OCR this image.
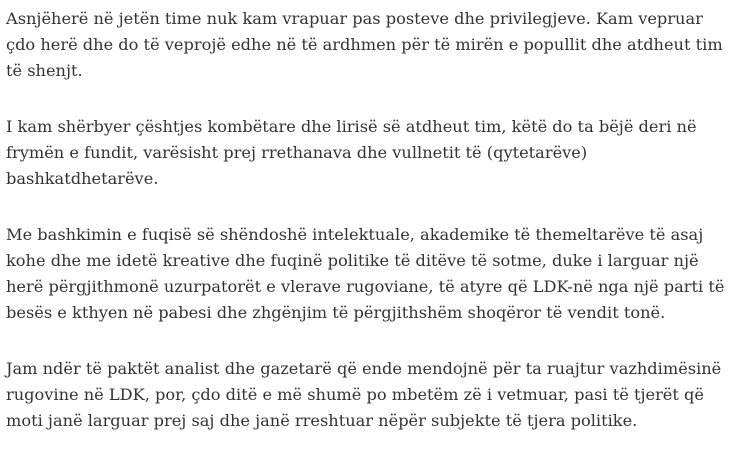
Asnjëherë në jetën time nuk kam vrapuar pas posteve dhe privilegjeve. Kam vepruar
çdo herë dhe do të veprojë edhe në të ardhmen për të mirën e popullit dhe atdheut tim
të shenjt.

I kam shërbyer çështjes kombëtare dhe lirisë së atdheut tim, këtë do ta bëjë deri në
frymën e fundit, varësisht prej rrethanava dhe vullnetit të (qytetarëve)
bashkatdhetarëve.

Me bashkimin e fuqisë së shëndoshë intelektuale, akademike të themeltarëve të asaj
kohe dhe me idetë kreative dhe fuqinë politike të ditëve të sotme, duke i larguar një
herë përgjithmonë uzurpatorët e vlerave rugoviane, të atyre që LDK-në nga një parti të
besës e kthyen në pabesi dhe zhgënjim të përgjithshëm shoqëror të vendit tonë.

Jam ndër të paktët analist dhe gazetarë që ende mendojnë për ta ruajtur vazhdimësinë
rugovine në LDK, por, çdo ditë e më shumë po mbetëm zë i vetmuar, pasi të tjerët që
moti janë larguar prej saj dhe janë rreshtuar nëpër subjekte të tjera politike.
